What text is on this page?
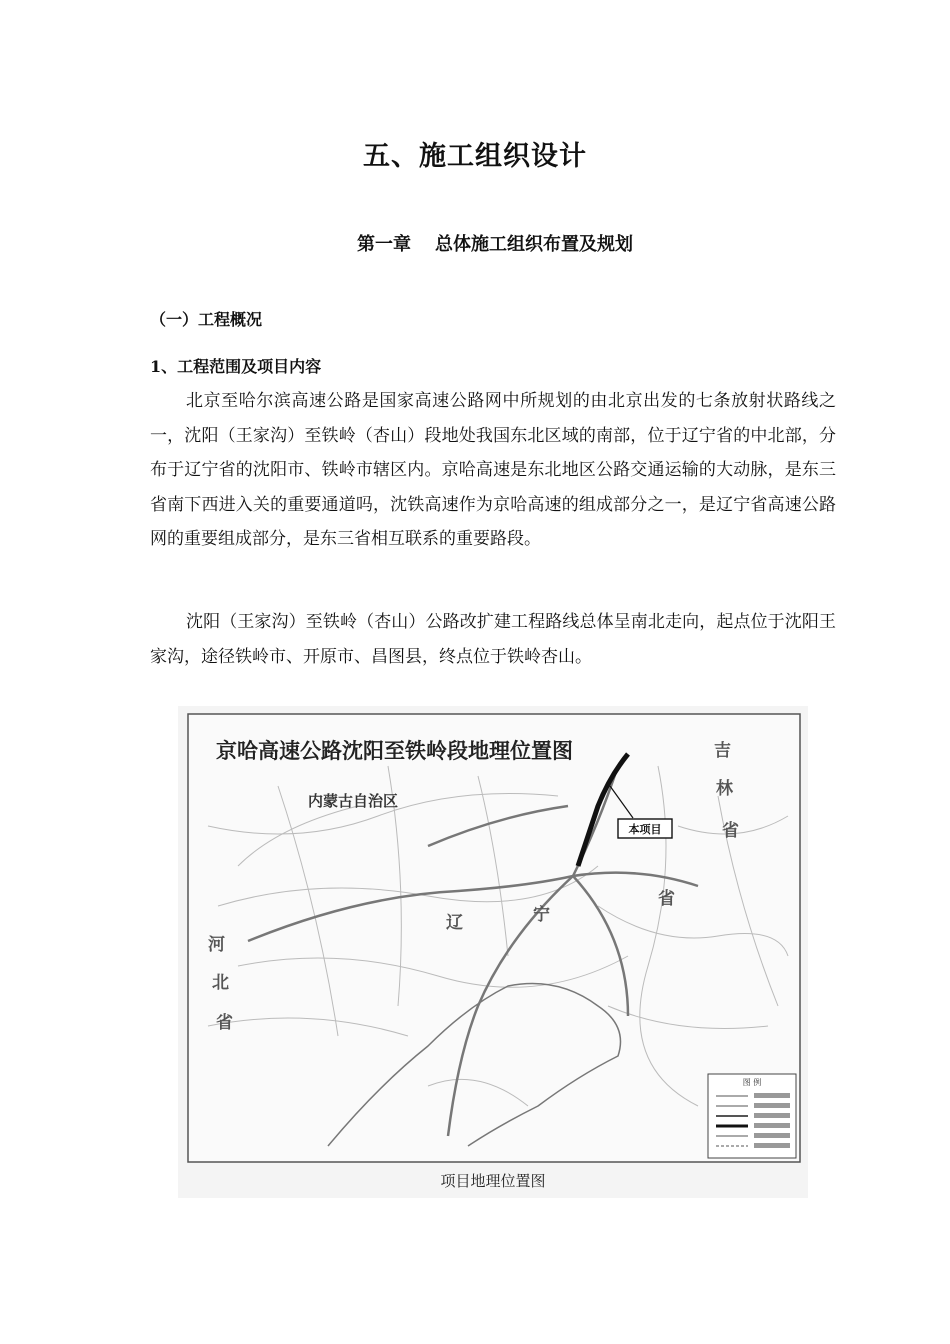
五、施工组织设计
第一章 总体施工组织布置及规划
（一）工程概况
1、工程范围及项目内容

北京至哈尔滨高速公路是国家高速公路网中所规划的由北京出发的七条放射状路线之一，沈阳（王家沟）至铁岭（杏山）段地处我国东北区域的南部，位于辽宁省的中北部，分布于辽宁省的沈阳市、铁岭市辖区内。京哈高速是东北地区公路交通运输的大动脉，是东三省南下西进入关的重要通道吗，沈铁高速作为京哈高速的组成部分之一，是辽宁省高速公路网的重要组成部分，是东三省相互联系的重要路段。

沈阳（王家沟）至铁岭（杏山）公路改扩建工程路线总体呈南北走向，起点位于沈阳王家沟，途径铁岭市、开原市、昌图县，终点位于铁岭杏山。

京哈高速公路沈阳至铁岭段地理位置图
内蒙古自治区
辽	宁
省
河
北
省
吉
林
省
本项目
图 例
项目地理位置图
